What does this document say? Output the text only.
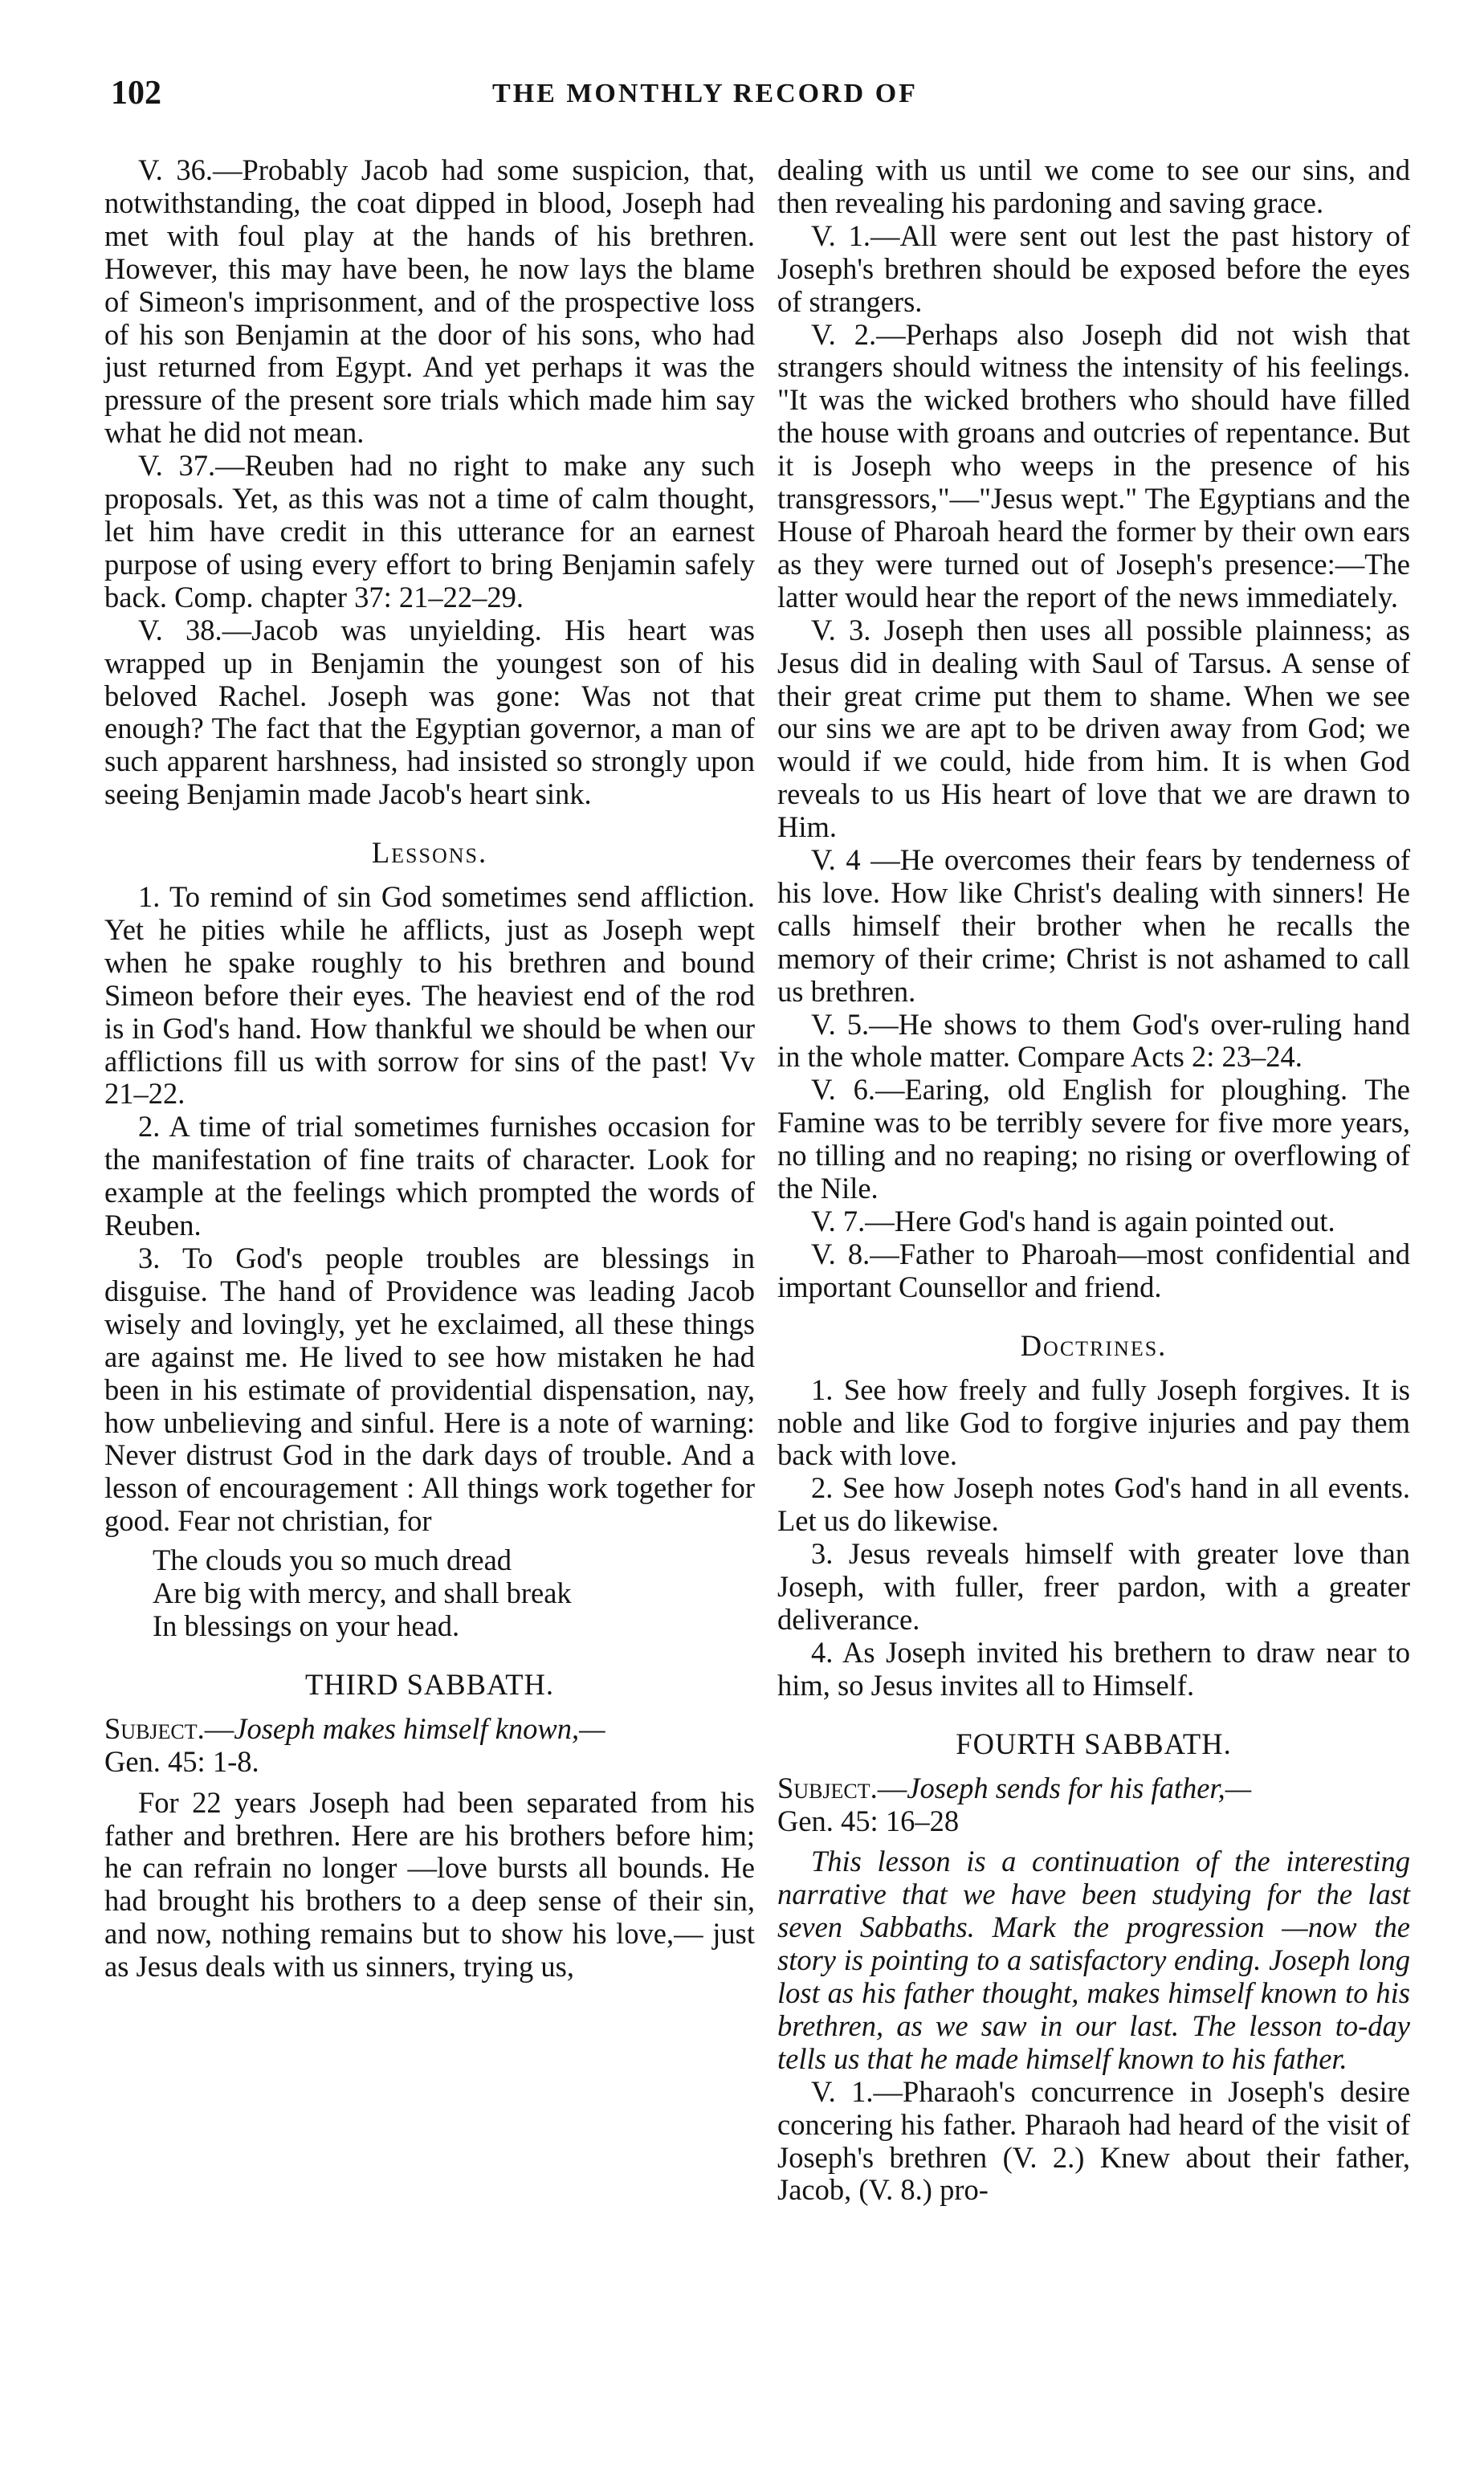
102	THE MONTHLY RECORD OF

V. 36.—Probably Jacob had some suspicion, that, notwithstanding, the coat dipped in blood, Joseph had met with foul play at the hands of his brethren. However, this may have been, he now lays the blame of Simeon's imprisonment, and of the prospective loss of his son Benjamin at the door of his sons, who had just returned from Egypt. And yet perhaps it was the pressure of the present sore trials which made him say what he did not mean.

V. 37.—Reuben had no right to make any such proposals. Yet, as this was not a time of calm thought, let him have credit in this utterance for an earnest purpose of using every effort to bring Benjamin safely back. Comp. chapter 37: 21–22–29.

V. 38.—Jacob was unyielding. His heart was wrapped up in Benjamin the youngest son of his beloved Rachel. Joseph was gone: Was not that enough? The fact that the Egyptian governor, a man of such apparent harshness, had insisted so strongly upon seeing Benjamin made Jacob's heart sink.

Lessons.

1. To remind of sin God sometimes send affliction. Yet he pities while he afflicts, just as Joseph wept when he spake roughly to his brethren and bound Simeon before their eyes. The heaviest end of the rod is in God's hand. How thankful we should be when our afflictions fill us with sorrow for sins of the past! Vv 21–22.

2. A time of trial sometimes furnishes occasion for the manifestation of fine traits of character. Look for example at the feelings which prompted the words of Reuben.

3. To God's people troubles are blessings in disguise. The hand of Providence was leading Jacob wisely and lovingly, yet he exclaimed, all these things are against me. He lived to see how mistaken he had been in his estimate of providential dispensation, nay, how unbelieving and sinful. Here is a note of warning: Never distrust God in the dark days of trouble. And a lesson of encouragement : All things work together for good. Fear not christian, for

The clouds you so much dread
Are big with mercy, and shall break
In blessings on your head.
THIRD SABBATH.

Subject.—Joseph makes himself known,—
Gen. 45: 1-8.

For 22 years Joseph had been separated from his father and brethren. Here are his brothers before him; he can refrain no longer —love bursts all bounds. He had brought his brothers to a deep sense of their sin, and now, nothing remains but to show his love,— just as Jesus deals with us sinners, trying us,

dealing with us until we come to see our sins, and then revealing his pardoning and saving grace.

V. 1.—All were sent out lest the past history of Joseph's brethren should be exposed before the eyes of strangers.

V. 2.—Perhaps also Joseph did not wish that strangers should witness the intensity of his feelings. "It was the wicked brothers who should have filled the house with groans and outcries of repentance. But it is Joseph who weeps in the presence of his transgressors,"—"Jesus wept." The Egyptians and the House of Pharoah heard the former by their own ears as they were turned out of Joseph's presence:—The latter would hear the report of the news immediately.

V. 3. Joseph then uses all possible plainness; as Jesus did in dealing with Saul of Tarsus. A sense of their great crime put them to shame. When we see our sins we are apt to be driven away from God; we would if we could, hide from him. It is when God reveals to us His heart of love that we are drawn to Him.

V. 4 —He overcomes their fears by tenderness of his love. How like Christ's dealing with sinners! He calls himself their brother when he recalls the memory of their crime; Christ is not ashamed to call us brethren.

V. 5.—He shows to them God's over-ruling hand in the whole matter. Compare Acts 2: 23–24.

V. 6.—Earing, old English for ploughing. The Famine was to be terribly severe for five more years, no tilling and no reaping; no rising or overflowing of the Nile.

V. 7.—Here God's hand is again pointed out.

V. 8.—Father to Pharoah—most confidential and important Counsellor and friend.

Doctrines.

1. See how freely and fully Joseph forgives. It is noble and like God to forgive injuries and pay them back with love.

2. See how Joseph notes God's hand in all events. Let us do likewise.

3. Jesus reveals himself with greater love than Joseph, with fuller, freer pardon, with a greater deliverance.

4. As Joseph invited his brethern to draw near to him, so Jesus invites all to Himself.

FOURTH SABBATH.

Subject.—Joseph sends for his father,—
Gen. 45: 16–28

This lesson is a continuation of the interesting narrative that we have been studying for the last seven Sabbaths. Mark the progression —now the story is pointing to a satisfactory ending. Joseph long lost as his father thought, makes himself known to his brethren, as we saw in our last. The lesson to-day tells us that he made himself known to his father.

V. 1.—Pharaoh's concurrence in Joseph's desire concering his father. Pharaoh had heard of the visit of Joseph's brethren (V. 2.) Knew about their father, Jacob, (V. 8.) pro-
